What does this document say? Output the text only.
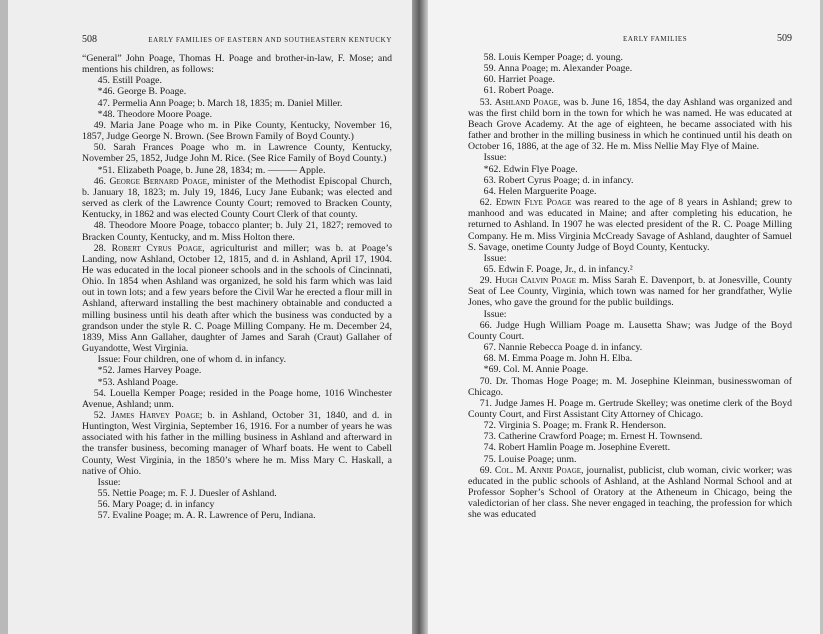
508	EARLY FAMILIES OF EASTERN AND SOUTHEASTERN KENTUCKY

“General” John Poage, Thomas H. Poage and brother-in-law, F. Mose; and mentions his children, as follows:

45. Estill Poage.

*46. George B. Poage.

47. Permelia Ann Poage; b. March 18, 1835; m. Daniel Miller.

*48. Theodore Moore Poage.

49. Maria Jane Poage who m. in Pike County, Kentucky, November 16, 1857, Judge George N. Brown. (See Brown Family of Boyd County.)

50. Sarah Frances Poage who m. in Lawrence County, Kentucky, November 25, 1852, Judge John M. Rice. (See Rice Family of Boyd County.)

*51. Elizabeth Poage, b. June 28, 1834; m. ——— Apple.

46. George Bernard Poage, minister of the Methodist Episcopal Church, b. January 18, 1823; m. July 19, 1846, Lucy Jane Eubank; was elected and served as clerk of the Lawrence County Court; removed to Bracken County, Kentucky, in 1862 and was elected County Court Clerk of that county.

48. Theodore Moore Poage, tobacco planter; b. July 21, 1827; removed to Bracken County, Kentucky, and m. Miss Holton there.

28. Robert Cyrus Poage, agriculturist and miller; was b. at Poage’s Landing, now Ashland, October 12, 1815, and d. in Ashland, April 17, 1904. He was educated in the local pioneer schools and in the schools of Cincinnati, Ohio. In 1854 when Ashland was organized, he sold his farm which was laid out in town lots; and a few years before the Civil War he erected a flour mill in Ashland, afterward installing the best machinery obtainable and conducted a milling business until his death after which the business was conducted by a grandson under the style R. C. Poage Milling Company. He m. December 24, 1839, Miss Ann Gallaher, daughter of James and Sarah (Craut) Gallaher of Guyandotte, West Virginia.

Issue: Four children, one of whom d. in infancy.

*52. James Harvey Poage.

*53. Ashland Poage.

54. Louella Kemper Poage; resided in the Poage home, 1016 Winchester Avenue, Ashland; unm.

52. James Harvey Poage; b. in Ashland, October 31, 1840, and d. in Huntington, West Virginia, September 16, 1916. For a number of years he was associated with his father in the milling business in Ashland and afterward in the transfer business, becoming manager of Wharf boats. He went to Cabell County, West Virginia, in the 1850’s where he m. Miss Mary C. Haskall, a native of Ohio.

Issue:

55. Nettie Poage; m. F. J. Duesler of Ashland.

56. Mary Poage; d. in infancy

57. Evaline Poage; m. A. R. Lawrence of Peru, Indiana.

EARLY FAMILIES	509

58. Louis Kemper Poage; d. young.

59. Anna Poage; m. Alexander Poage.

60. Harriet Poage.

61. Robert Poage.

53. Ashland Poage, was b. June 16, 1854, the day Ashland was organized and was the first child born in the town for which he was named. He was educated at Beach Grove Academy. At the age of eighteen, he became associated with his father and brother in the milling business in which he continued until his death on October 16, 1886, at the age of 32. He m. Miss Nellie May Flye of Maine.

Issue:

*62. Edwin Flye Poage.

63. Robert Cyrus Poage; d. in infancy.

64. Helen Marguerite Poage.

62. Edwin Flye Poage was reared to the age of 8 years in Ashland; grew to manhood and was educated in Maine; and after completing his education, he returned to Ashland. In 1907 he was elected president of the R. C. Poage Milling Company. He m. Miss Virginia McCready Savage of Ashland, daughter of Samuel S. Savage, onetime County Judge of Boyd County, Kentucky.

Issue:

65. Edwin F. Poage, Jr., d. in infancy.²

29. Hugh Calvin Poage m. Miss Sarah E. Davenport, b. at Jonesville, County Seat of Lee County, Virginia, which town was named for her grandfather, Wylie Jones, who gave the ground for the public buildings.

Issue:

66. Judge Hugh William Poage m. Lausetta Shaw; was Judge of the Boyd County Court.

67. Nannie Rebecca Poage d. in infancy.

68. M. Emma Poage m. John H. Elba.

*69. Col. M. Annie Poage.

70. Dr. Thomas Hoge Poage; m. M. Josephine Kleinman, businesswoman of Chicago.

71. Judge James H. Poage m. Gertrude Skelley; was onetime clerk of the Boyd County Court, and First Assistant City Attorney of Chicago.

72. Virginia S. Poage; m. Frank R. Henderson.

73. Catherine Crawford Poage; m. Ernest H. Townsend.

74. Robert Hamlin Poage m. Josephine Everett.

75. Louise Poage; unm.

69. Col. M. Annie Poage, journalist, publicist, club woman, civic worker; was educated in the public schools of Ashland, at the Ashland Normal School and at Professor Sopher’s School of Oratory at the Atheneum in Chicago, being the valedictorian of her class. She never engaged in teaching, the profession for which she was educated
